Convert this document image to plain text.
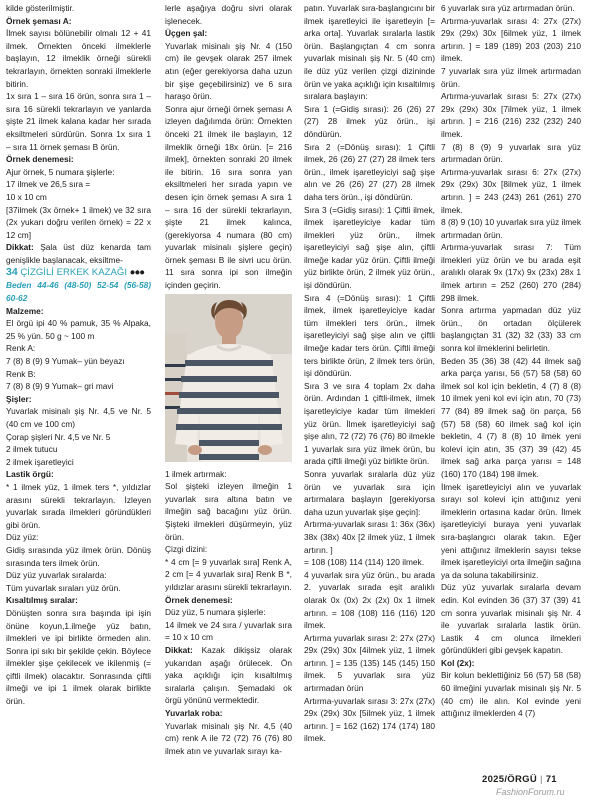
kilde gösterilmiştir.

Örnek şeması A:

İlmek sayısı bölünebilir olmalı 12 + 41 ilmek. Örnekten önceki ilmeklerle başlayın, 12 ilmeklik örneği sürekli tekrarlayın, örnekten sonraki ilmeklerle bitirin.

1x sıra 1 – sıra 16 örün, sonra sıra 1 – sıra 16 sürekli tekrarlayın ve yanlarda şişte 21 ilmek kalana kadar her sırada eksiltmeleri sürdürün. Sonra 1x sıra 1 – sıra 11 örnek şeması B örün.

Örnek denemesi:

Ajur örnek, 5 numara şişlerle:

17 ilmek ve 26,5 sıra =

10 x 10 cm

[37ilmek (3x örnek+ 1 ilmek) ve 32 sıra (2x yukarı doğru verilen örnek) = 22 x 12 cm]

Dikkat: Şala üst düz kenarda tam genişlikle başlanacak, eksiltme-

34 ÇİZGİLİ ERKEK KAZAĞI ●●●

Beden 44-46 (48-50) 52-54 (56-58) 60-62

Malzeme:

El örgü ipi 40 % pamuk, 35 % Alpaka, 25 % yün. 50 g ~ 100 m

Renk A:

7 (8) 8 (9) 9 Yumak– yün beyazı

Renk B:

7 (8) 8 (9) 9 Yumak– gri mavi

Şişler:

Yuvarlak misinalı şiş Nr. 4,5 ve Nr. 5 (40 cm ve 100 cm)

Çorap şişleri Nr. 4,5 ve Nr. 5

2 ilmek tutucu

2 ilmek işaretleyici

Lastik örgü:

* 1 ilmek yüz, 1 ilmek ters *, yıldızlar arasını sürekli tekrarlayın. İzleyen yuvarlak sırada ilmekleri göründükleri gibi örün.

Düz yüz:

Gidiş sırasında yüz ilmek örün. Dönüş sırasında ters ilmek örün.

Düz yüz yuvarlak sıralarda:

Tüm yuvarlak sıraları yüz örün.

Kısaltılmış sıralar:

Dönüşten sonra sıra başında ipi işin önüne koyun,1.ilmeğe yüz batın, ilmekleri ve ipi birlikte örmeden alın. Sonra ipi sıkı bir şekilde çekin. Böylece ilmekler şişe çekilecek ve ikilenmiş (= çiftli ilmek) olacaktır. Sonrasında çiftli ilmeği ve ipi 1 ilmek olarak birlikte örün.

lerle aşağıya doğru sivri olarak işlenecek.

Üçgen şal:

Yuvarlak misinalı şiş Nr. 4 (150 cm) ile gevşek olarak 257 ilmek atın (eğer gerekiyorsa daha uzun bir şişe geçebilirsiniz) ve 6 sıra haraşo örün.

Sonra ajur örneği örnek şeması A izleyen dağılımda örün: Örnekten önceki 21 ilmek ile başlayın, 12 ilmeklik örneği 18x örün. [= 216 ilmek], örnekten sonraki 20 ilmek ile bitirin. 16 sıra sonra yan eksiltmeleri her sırada yapın ve desen için örnek şeması A sıra 1 – sıra 16 der sürekli tekrarlayın, şişte 21 ilmek kalınca, (gerekiyorsa 4 numara (80 cm) yuvarlak misinalı şişlere geçin) örnek şeması B ile sivri ucu örün. 11 sıra sonra ipi son ilmeğin içinden geçirin.

1 ilmek artırmak:

Sol şişteki izleyen ilmeğin 1 yuvarlak sıra altına batın ve ilmeğin sağ bacağını yüz örün. Şişteki ilmekleri düşürmeyin, yüz örün.

Çizgi dizini:

* 4 cm [= 9 yuvarlak sıra] Renk A, 2 cm [= 4 yuvarlak sıra] Renk B *, yıldızlar arasını sürekli tekrarlayın.

Örnek denemesi:

Düz yüz, 5 numara şişlerle:

14 ilmek ve 24 sıra / yuvarlak sıra = 10 x 10 cm

Dikkat: Kazak dikişsiz olarak yukarıdan aşağı örülecek. Ön yaka açıklığı için kısaltılmış sıralarla çalışın. Şemadaki ok örgü yönünü vermektedir.

Yuvarlak roba:

Yuvarlak misinalı şiş Nr. 4,5 (40 cm) renk A ile 72 (72) 76 (76) 80 ilmek atın ve yuvarlak sırayı ka-

patın. Yuvarlak sıra-başlangıcını bir ilmek işaretleyici ile işaretleyin [= arka orta]. Yuvarlak sıralarla lastik örün. Başlangıçtan 4 cm sonra yuvarlak misinalı şiş Nr. 5 (40 cm) ile düz yüz verilen çizgi dizininde örün ve yaka açıklığı için kısaltılmış sıralara başlayın:

Sıra 1 (=Gidiş sırası): 26 (26) 27 (27) 28 ilmek yüz örün., işi döndürün.

Sıra 2 (=Dönüş sırası): 1 Çiftli ilmek, 26 (26) 27 (27) 28 ilmek ters örün., ilmek işaretleyiciyi sağ şişe alın ve 26 (26) 27 (27) 28 ilmek daha ters örün., işi döndürün.

Sıra 3 (=Gidiş sırası): 1 Çiftli ilmek, ilmek işaretleyiciye kadar tüm ilmekleri yüz örün., ilmek işaretleyiciyi sağ şişe alın, çiftli ilmeğe kadar yüz örün. Çiftli ilmeği yüz birlikte örün, 2 ilmek yüz örün., işi döndürün.

Sıra 4 (=Dönüş sırası): 1 Çiftli ilmek, ilmek işaretleyiciye kadar tüm ilmekleri ters örün., ilmek işaretleyiciyi sağ şişe alın ve çiftli ilmeğe kadar ters örün. Çiftli ilmeği ters birlikte örün, 2 ilmek ters örün, işi döndürün.

Sıra 3 ve sıra 4 toplam 2x daha örün. Ardından 1 çiftli-ilmek, ilmek işaretleyiciye kadar tüm ilmekleri yüz örün. İlmek işaretleyiciyi sağ şişe alın, 72 (72) 76 (76) 80 ilmekle 1 yuvarlak sıra yüz ilmek örün, bu arada çiftli ilmeği yüz birlikte örün.

Sonra yuvarlak sıralarla düz yüz örün ve yuvarlak sıra için artırmalara başlayın [gerekiyorsa daha uzun yuvarlak şişe geçin]:

Artırma-yuvarlak sırası 1: 36x (36x) 38x (38x) 40x [2 ilmek yüz, 1 ilmek artırın. ]

= 108 (108) 114 (114) 120 ilmek.

4 yuvarlak sıra yüz örün., bu arada 2. yuvarlak sırada eşit aralıklı olarak 0x (0x) 2x (2x) 0x 1 ilmek artırın. = 108 (108) 116 (116) 120 ilmek.

Artırma yuvarlak sırası 2: 27x (27x) 29x (29x) 30x [4ilmek yüz, 1 ilmek artırın. ] = 135 (135) 145 (145) 150 ilmek. 5 yuvarlak sıra yüz artırmadan örün

Artırma-yuvarlak sırası 3: 27x (27x) 29x (29x) 30x [5ilmek yüz, 1 ilmek artırın. ] = 162 (162) 174 (174) 180 ilmek.

6 yuvarlak sıra yüz artırmadan örün.

Artırma-yuvarlak sırası 4: 27x (27x) 29x (29x) 30x [6ilmek yüz, 1 ilmek artırın. ] = 189 (189) 203 (203) 210 ilmek.

7 yuvarlak sıra yüz ilmek artırmadan örün.

Artırma-yuvarlak sırası 5: 27x (27x) 29x (29x) 30x [7ilmek yüz, 1 ilmek artırın. ] = 216 (216) 232 (232) 240 ilmek.

7 (8) 8 (9) 9 yuvarlak sıra yüz artırmadan örün.

Artırma-yuvarlak sırası 6: 27x (27x) 29x (29x) 30x [8ilmek yüz, 1 ilmek artırın. ] = 243 (243) 261 (261) 270 ilmek.

8 (8) 9 (10) 10 yuvarlak sıra yüz ilmek artırmadan örün.

Artırma-yuvarlak sırası 7: Tüm ilmekleri yüz örün ve bu arada eşit aralıklı olarak 9x (17x) 9x (23x) 28x 1 ilmek artırın = 252 (260) 270 (284) 298 ilmek.

Sonra artırma yapmadan düz yüz örün., ön ortadan ölçülerek başlangıçtan 31 (32) 32 (33) 33 cm sonra kol ilmeklerini belirletin.

Beden 35 (36) 38 (42) 44 ilmek sağ arka parça yarısı, 56 (57) 58 (58) 60 ilmek sol kol için bekletin, 4 (7) 8 (8) 10 ilmek yeni kol evi için atın, 70 (73) 77 (84) 89 ilmek sağ ön parça, 56 (57) 58 (58) 60 ilmek sağ kol için bekletin, 4 (7) 8 (8) 10 ilmek yeni kolevi için atın, 35 (37) 39 (42) 45 ilmek sağ arka parça yarısı = 148 (160) 170 (184) 198 ilmek.

İlmek işaretleyiciyi alın ve yuvarlak sırayı sol kolevi için attığınız yeni ilmeklerin ortasına kadar örün. İlmek işaretleyiciyi buraya yeni yuvarlak sıra-başlangıcı olarak takın. Eğer yeni attığınız ilmeklerin sayısı tekse ilmek işaretleyiciyi orta ilmeğin sağına ya da soluna takabilirsiniz.

Düz yüz yuvarlak sıralarla devam edin. Kol evinden 36 (37) 37 (39) 41 cm sonra yuvarlak misinalı şiş Nr. 4 ile yuvarlak sıralarla lastik örün. Lastik 4 cm olunca ilmekleri göründükleri gibi gevşek kapatın.

Kol (2x):

Bir kolun beklettiğiniz 56 (57) 58 (58) 60 ilmeğini yuvarlak misinalı şiş Nr. 5 (40 cm) ile alın. Kol evinde yeni attığınız ilmeklerden 4 (7)

2025/ÖRGÜ | 71
FashionForum.ru
